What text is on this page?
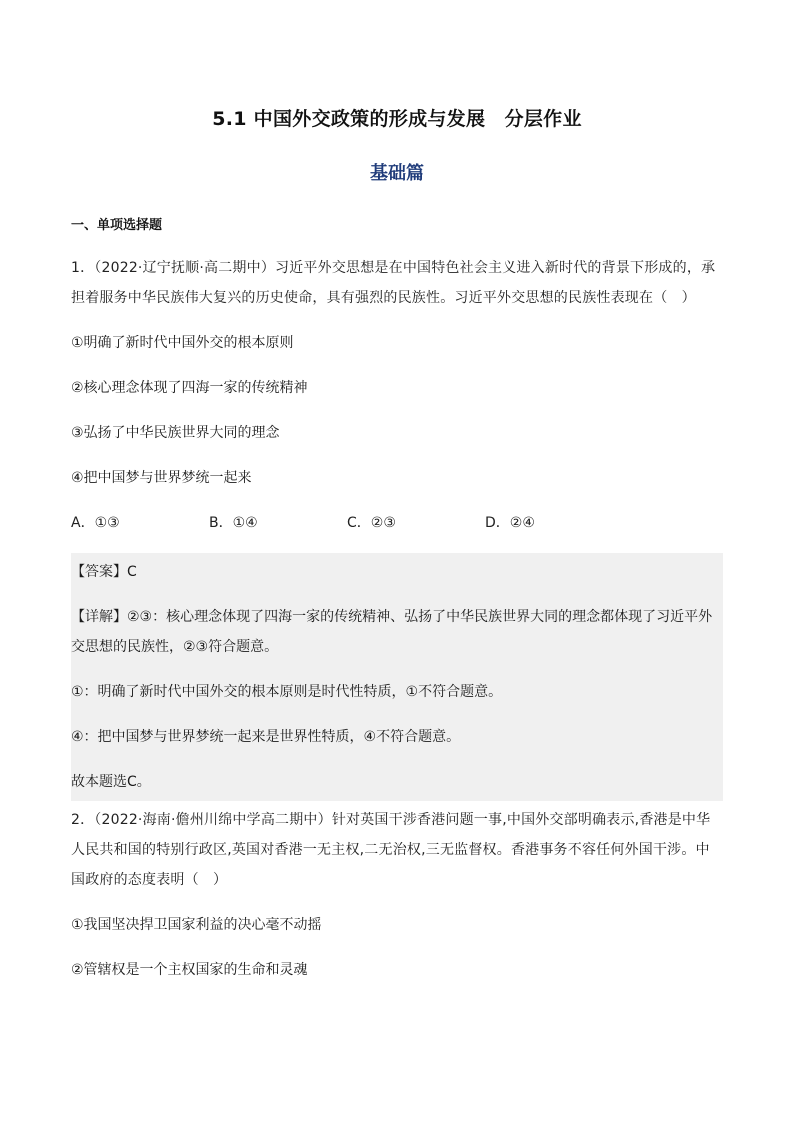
5.1 中国外交政策的形成与发展　分层作业
基础篇
一、单项选择题
1．（2022·辽宁抚顺·高二期中）习近平外交思想是在中国特色社会主义进入新时代的背景下形成的，承担着服务中华民族伟大复兴的历史使命，具有强烈的民族性。习近平外交思想的民族性表现在（　）
①明确了新时代中国外交的根本原则
②核心理念体现了四海一家的传统精神
③弘扬了中华民族世界大同的理念
④把中国梦与世界梦统一起来
A．①③	B．①④	C．②③	D．②④
【答案】C
【详解】②③：核心理念体现了四海一家的传统精神、弘扬了中华民族世界大同的理念都体现了习近平外交思想的民族性，②③符合题意。
①：明确了新时代中国外交的根本原则是时代性特质，①不符合题意。
④：把中国梦与世界梦统一起来是世界性特质，④不符合题意。
故本题选C。
2．（2022·海南·儋州川绵中学高二期中）针对英国干涉香港问题一事,中国外交部明确表示,香港是中华人民共和国的特别行政区,英国对香港一无主权,二无治权,三无监督权。香港事务不容任何外国干涉。中国政府的态度表明（　）
①我国坚决捍卫国家利益的决心毫不动摇
②管辖权是一个主权国家的生命和灵魂
